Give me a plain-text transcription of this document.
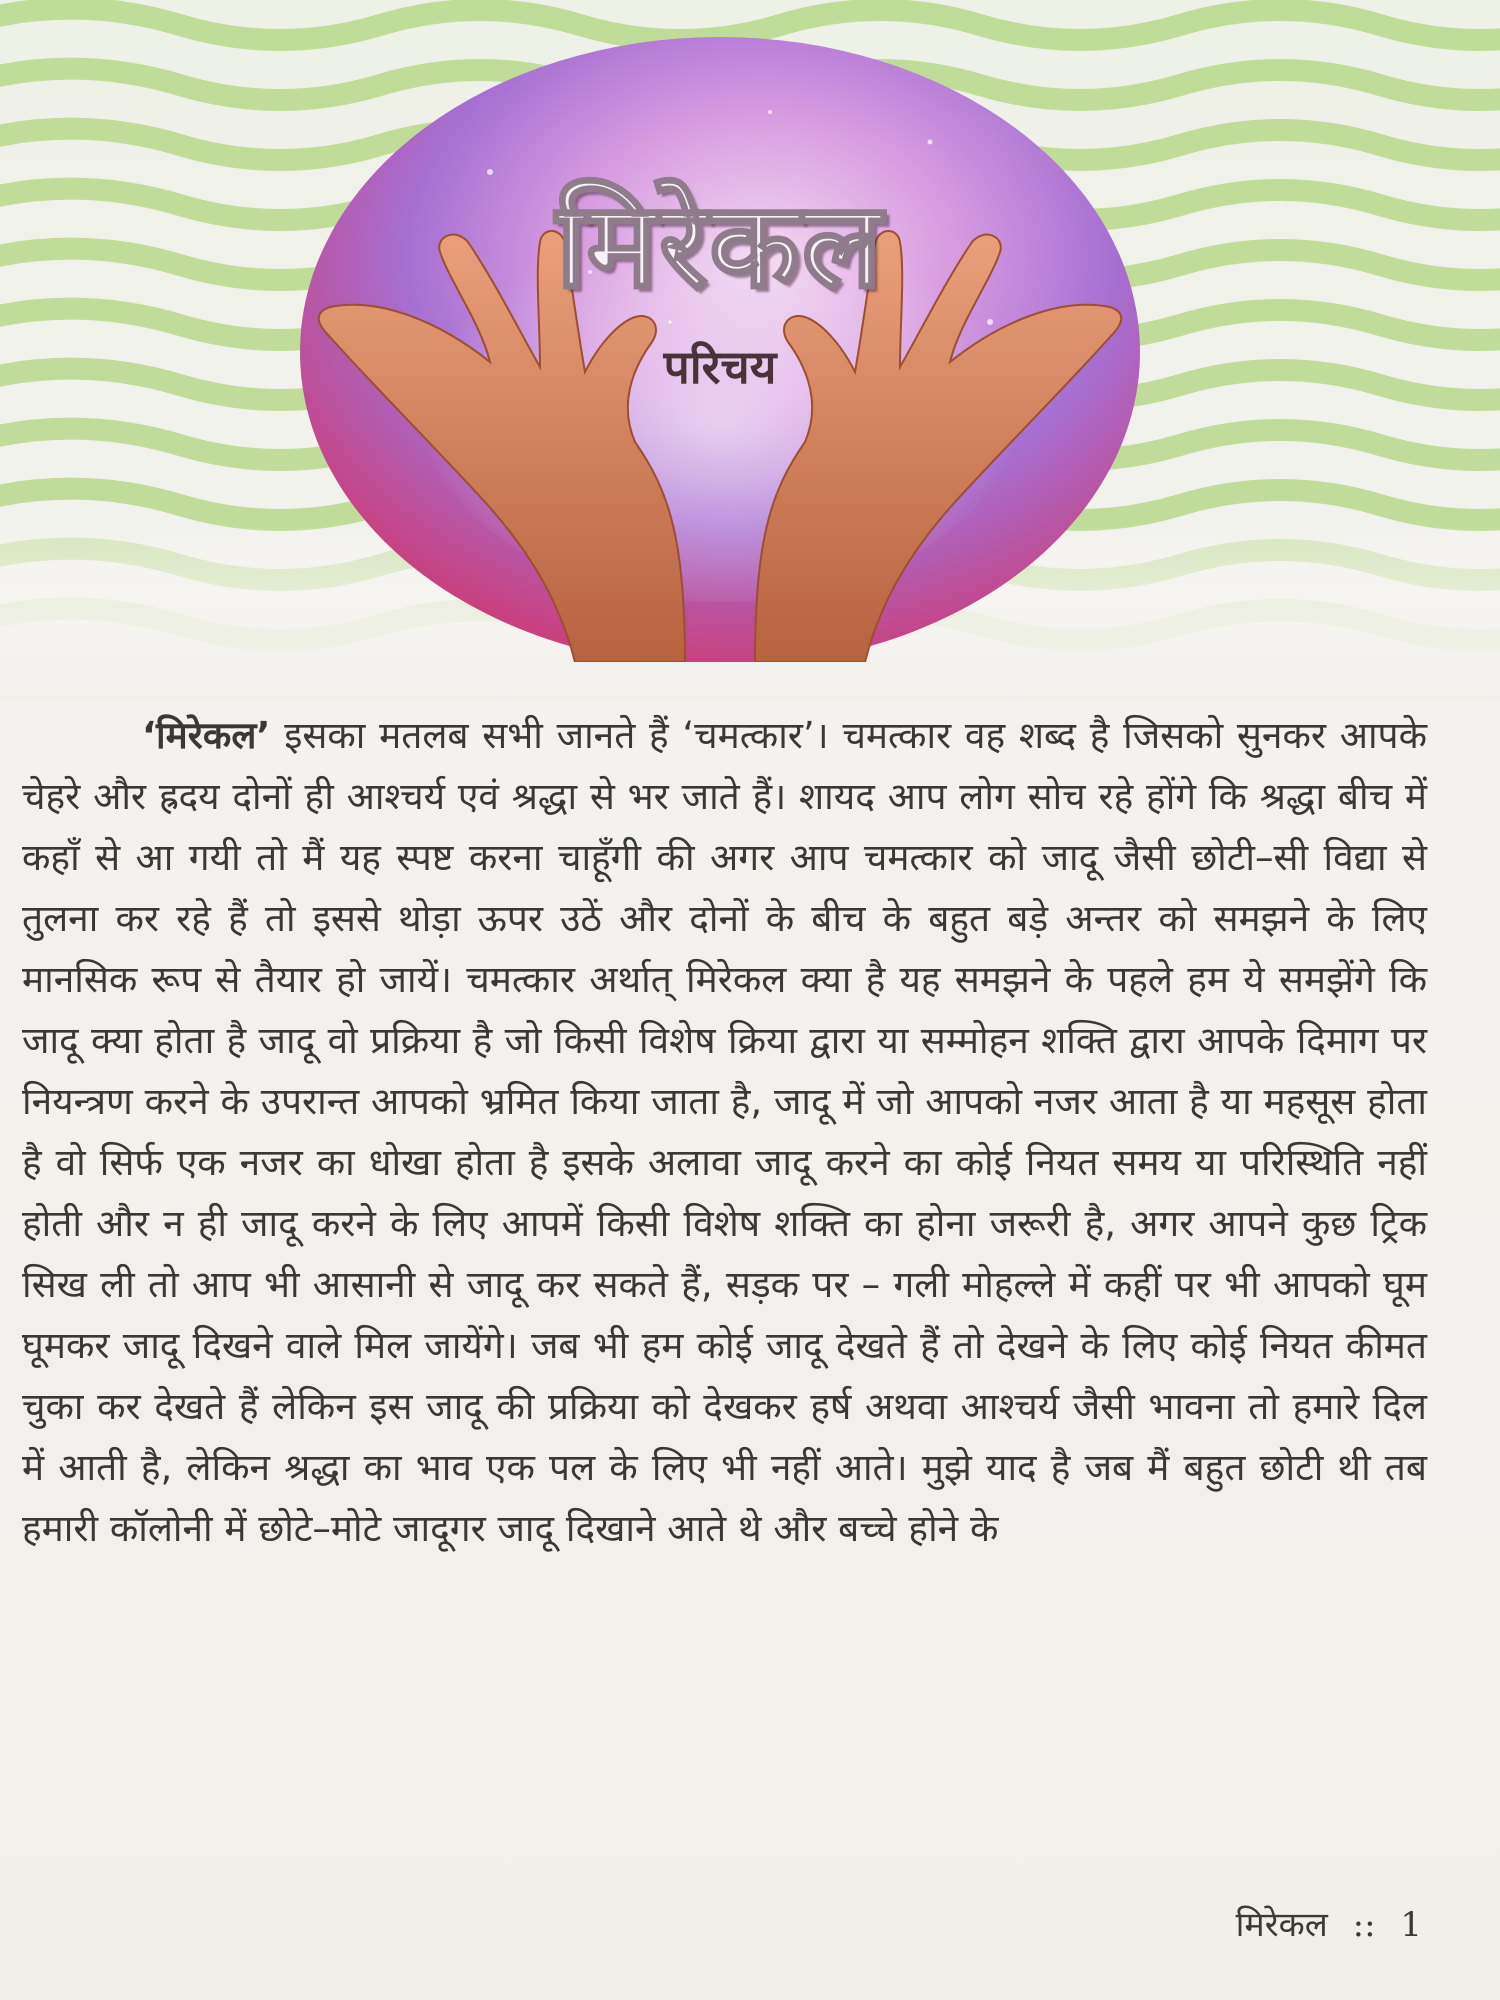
मिरेकल
परिचय

‘मिरेकल’ इसका मतलब सभी जानते हैं ‘चमत्कार’। चमत्कार वह शब्द है जिसको सुनकर आपके चेहरे और ह्रदय दोनों ही आश्चर्य एवं श्रद्धा से भर जाते हैं। शायद आप लोग सोच रहे होंगे कि श्रद्धा बीच में कहाँ से आ गयी तो मैं यह स्पष्ट करना चाहूँगी की अगर आप चमत्कार को जादू जैसी छोटी–सी विद्या से तुलना कर रहे हैं तो इससे थोड़ा ऊपर उठें और दोनों के बीच के बहुत बड़े अन्तर को समझने के लिए मानसिक रूप से तैयार हो जायें। चमत्कार अर्थात् मिरेकल क्या है यह समझने के पहले हम ये समझेंगे कि जादू क्या होता है जादू वो प्रक्रिया है जो किसी विशेष क्रिया द्वारा या सम्मोहन शक्ति द्वारा आपके दिमाग पर नियन्त्रण करने के उपरान्त आपको भ्रमित किया जाता है, जादू में जो आपको नजर आता है या महसूस होता है वो सिर्फ एक नजर का धोखा होता है इसके अलावा जादू करने का कोई नियत समय या परिस्थिति नहीं होती और न ही जादू करने के लिए आपमें किसी विशेष शक्ति का होना जरूरी है, अगर आपने कुछ ट्रिक सिख ली तो आप भी आसानी से जादू कर सकते हैं, सड़क पर – गली मोहल्ले में कहीं पर भी आपको घूम घूमकर जादू दिखने वाले मिल जायेंगे। जब भी हम कोई जादू देखते हैं तो देखने के लिए कोई नियत कीमत चुका कर देखते हैं लेकिन इस जादू की प्रक्रिया को देखकर हर्ष अथवा आश्चर्य जैसी भावना तो हमारे दिल में आती है, लेकिन श्रद्धा का भाव एक पल के लिए भी नहीं आते। मुझे याद है जब मैं बहुत छोटी थी तब हमारी कॉलोनी में छोटे–मोटे जादूगर जादू दिखाने आते थे और बच्चे होने के

मिरेकल :: 1
